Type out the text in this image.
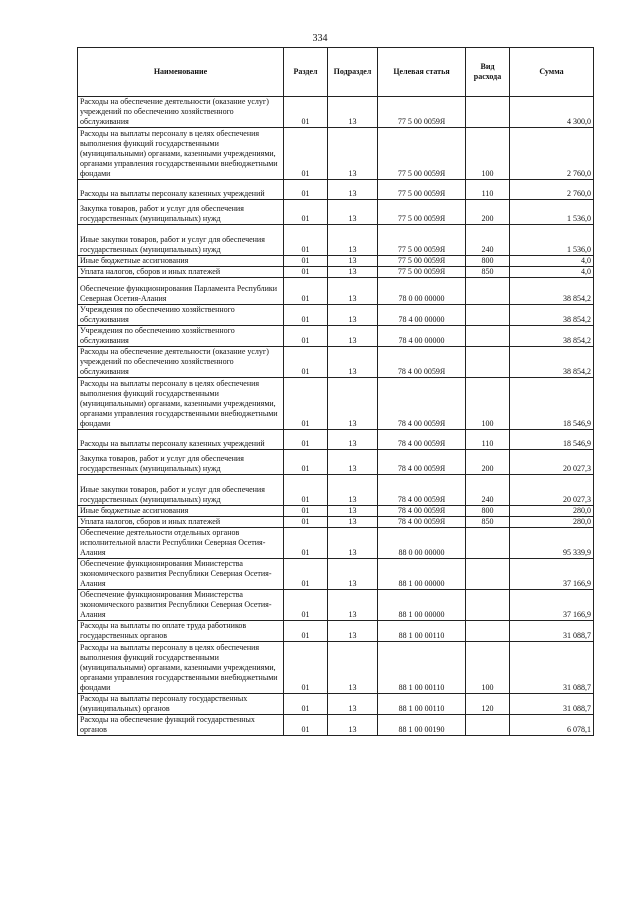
334
Наименование	Раздел	Подраздел	Целевая статья	Вид расхода	Сумма
Расходы на обеспечение деятельности (оказание услуг) учреждений по обеспечению хозяйственного обслуживания	01	13	77 5 00 0059Я		4 300,0
Расходы на выплаты персоналу в целях обеспечения выполнения функций государственными (муниципальными) органами, казенными учреждениями, органами управления государственными внебюджетными фондами	01	13	77 5 00 0059Я	100	2 760,0
Расходы на выплаты персоналу казенных учреждений	01	13	77 5 00 0059Я	110	2 760,0
Закупка товаров, работ и услуг для обеспечения государственных (муниципальных) нужд	01	13	77 5 00 0059Я	200	1 536,0
Иные закупки товаров, работ и услуг для обеспечения государственных (муниципальных) нужд	01	13	77 5 00 0059Я	240	1 536,0
Иные бюджетные ассигнования	01	13	77 5 00 0059Я	800	4,0
Уплата налогов, сборов и иных платежей	01	13	77 5 00 0059Я	850	4,0
Обеспечение функционирования Парламента Республики Северная Осетия-Алания	01	13	78 0 00 00000		38 854,2
Учреждения по обеспечению хозяйственного обслуживания	01	13	78 4 00 00000		38 854,2
Учреждения по обеспечению хозяйственного обслуживания	01	13	78 4 00 00000		38 854,2
Расходы на обеспечение деятельности (оказание услуг) учреждений по обеспечению хозяйственного обслуживания	01	13	78 4 00 0059Я		38 854,2
Расходы на выплаты персоналу в целях обеспечения выполнения функций государственными (муниципальными) органами, казенными учреждениями, органами управления государственными внебюджетными фондами	01	13	78 4 00 0059Я	100	18 546,9
Расходы на выплаты персоналу казенных учреждений	01	13	78 4 00 0059Я	110	18 546,9
Закупка товаров, работ и услуг для обеспечения государственных (муниципальных) нужд	01	13	78 4 00 0059Я	200	20 027,3
Иные закупки товаров, работ и услуг для обеспечения государственных (муниципальных) нужд	01	13	78 4 00 0059Я	240	20 027,3
Иные бюджетные ассигнования	01	13	78 4 00 0059Я	800	280,0
Уплата налогов, сборов и иных платежей	01	13	78 4 00 0059Я	850	280,0
Обеспечение деятельности отдельных органов исполнительной власти Республики Северная Осетия-Алания	01	13	88 0 00 00000		95 339,9
Обеспечение функционирования Министерства экономического развития Республики Северная Осетия-Алания	01	13	88 1 00 00000		37 166,9
Обеспечение функционирования Министерства экономического развития Республики Северная Осетия-Алания	01	13	88 1 00 00000		37 166,9
Расходы на выплаты по оплате труда работников государственных органов	01	13	88 1 00 00110		31 088,7
Расходы на выплаты персоналу в целях обеспечения выполнения функций государственными (муниципальными) органами, казенными учреждениями, органами управления государственными внебюджетными фондами	01	13	88 1 00 00110	100	31 088,7
Расходы на выплаты персоналу государственных (муниципальных) органов	01	13	88 1 00 00110	120	31 088,7
Расходы на обеспечение функций государственных органов	01	13	88 1 00 00190		6 078,1
